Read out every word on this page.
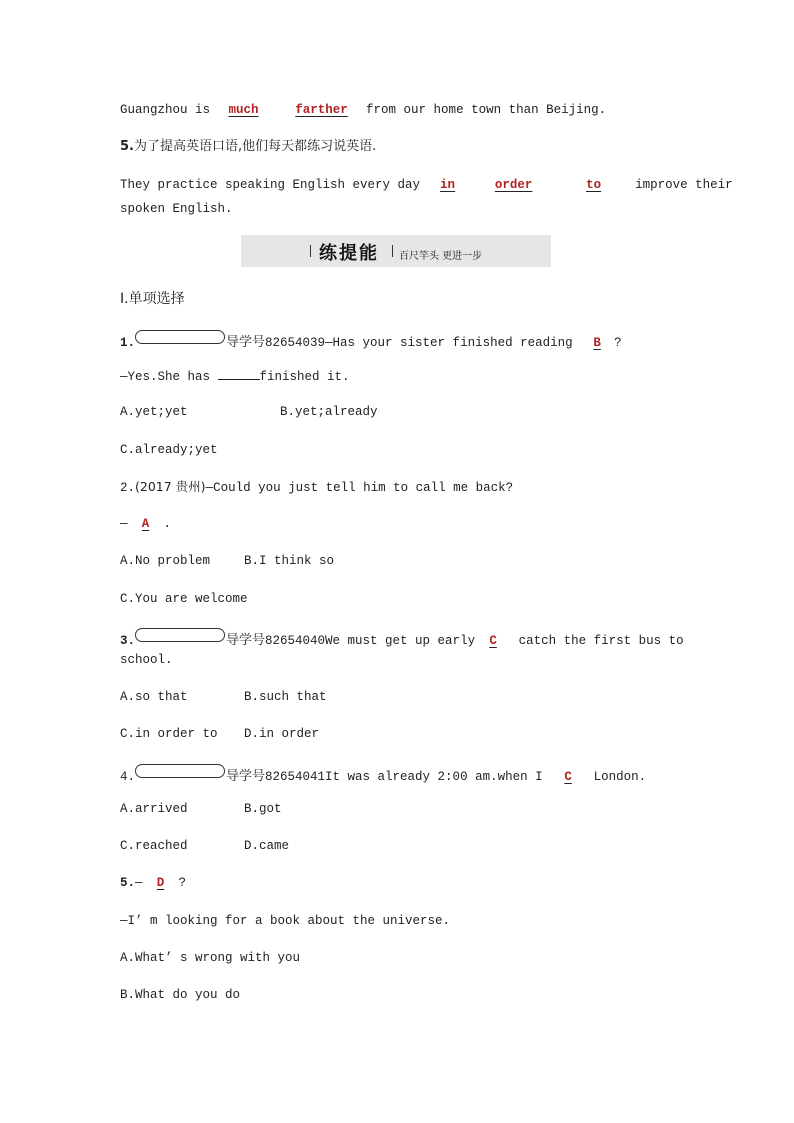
Guangzhou is much	farther from our home town than Beijing.
5.为了提高英语口语,他们每天都练习说英语.
They practice speaking English every day in	order	to improve their
spoken English.
练提能 百尺竿头 更进一步
Ⅰ.单项选择
1.	导学号82654039—Has your sister finished reading B ?
—Yes.She has	finished it.
A.yet;yet	B.yet;already
C.already;yet
2.(2017 贵州)—Could you just tell him to call me back?
— A .
A.No problem	B.I think so
C.You are welcome
3.	导学号82654040We must get up early C catch the first bus to
school.
A.so that	B.such that
C.in order to D.in order
4.	导学号82654041It was already 2:00 am.when I C London.
A.arrived	B.got
C.reached	D.came
5.— D ?
—I’ m looking for a book about the universe.
A.What’ s wrong with you
B.What do you do
